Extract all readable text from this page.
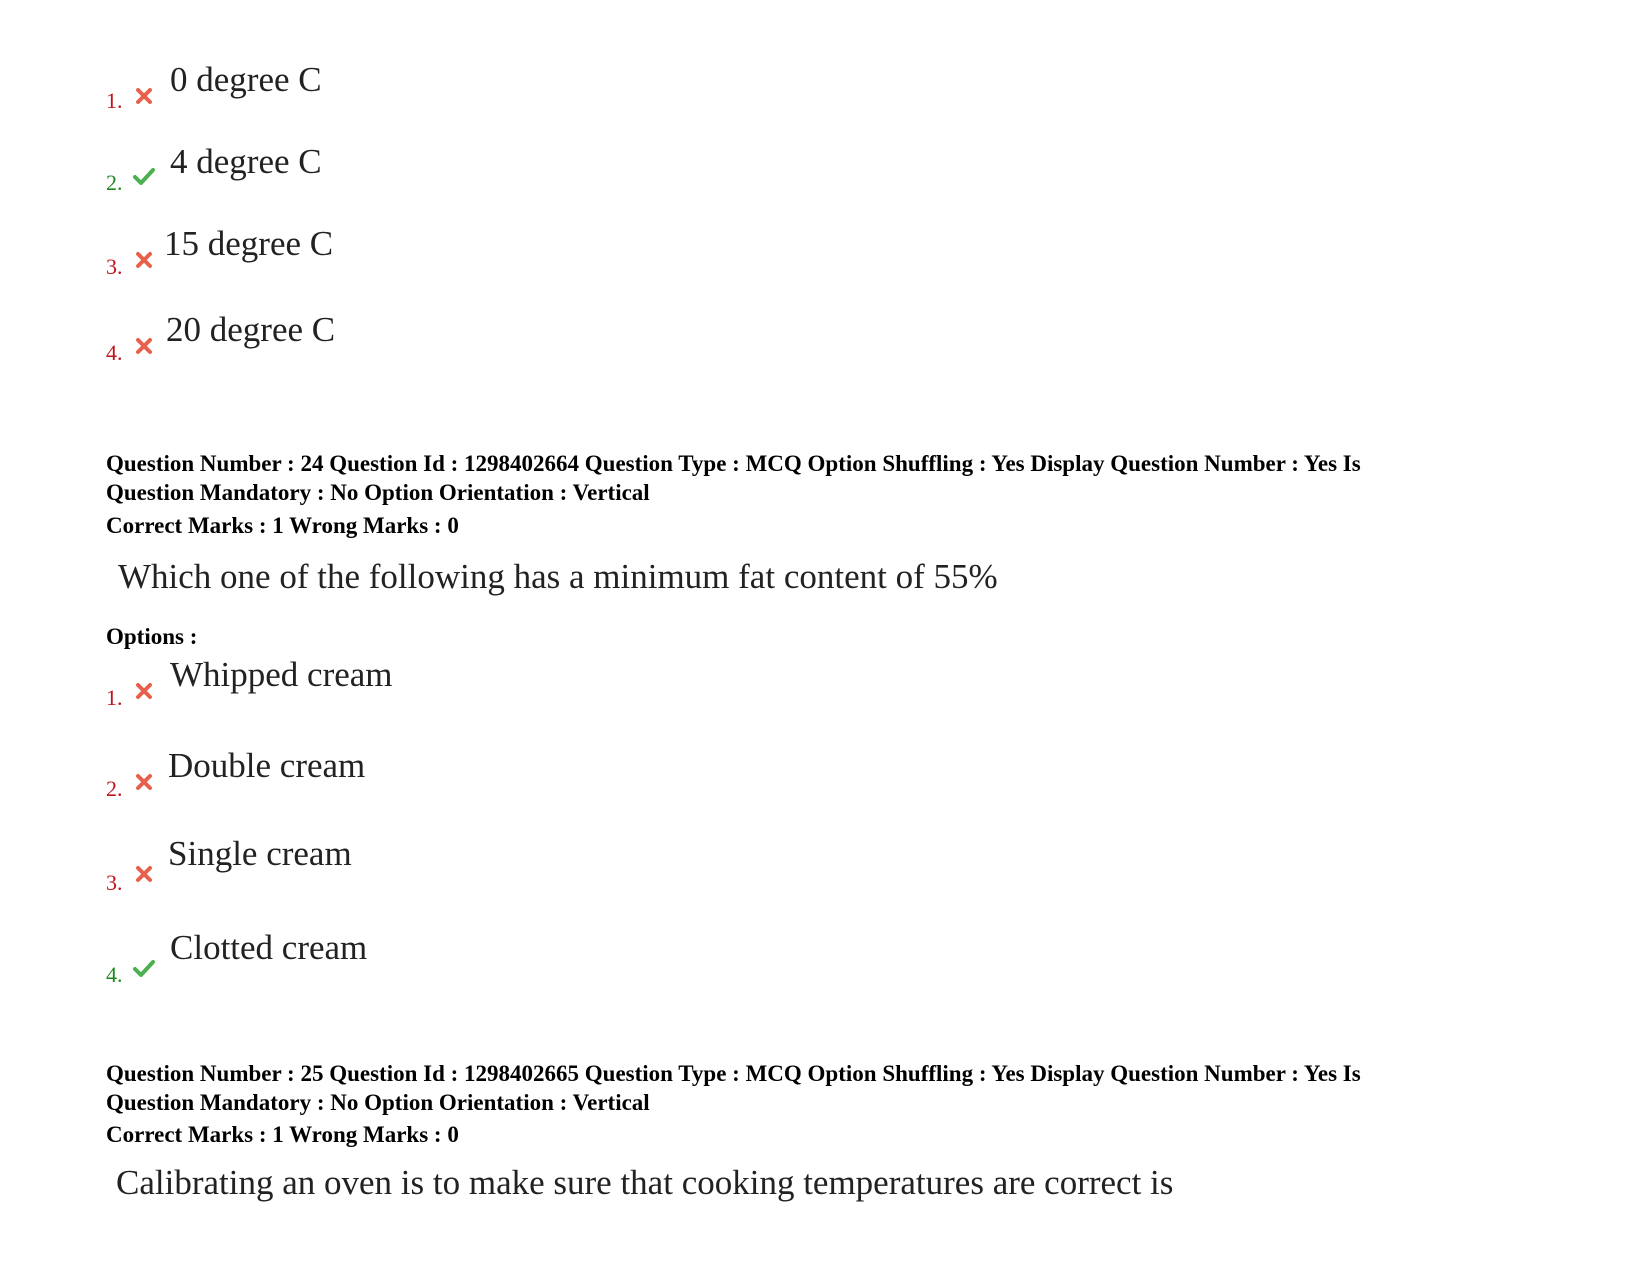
1.
0 degree C
2.
4 degree C
3.
15 degree C
4.
20 degree C
Question Number : 24 Question Id : 1298402664 Question Type : MCQ Option Shuffling : Yes Display Question Number : Yes Is
Question Mandatory : No Option Orientation : Vertical
Correct Marks : 1 Wrong Marks : 0
Which one of the following has a minimum fat content of 55%
Options :
1.
Whipped cream
2.
Double cream
3.
Single cream
4.
Clotted cream
Question Number : 25 Question Id : 1298402665 Question Type : MCQ Option Shuffling : Yes Display Question Number : Yes Is
Question Mandatory : No Option Orientation : Vertical
Correct Marks : 1 Wrong Marks : 0
Calibrating an oven is to make sure that cooking temperatures are correct is
